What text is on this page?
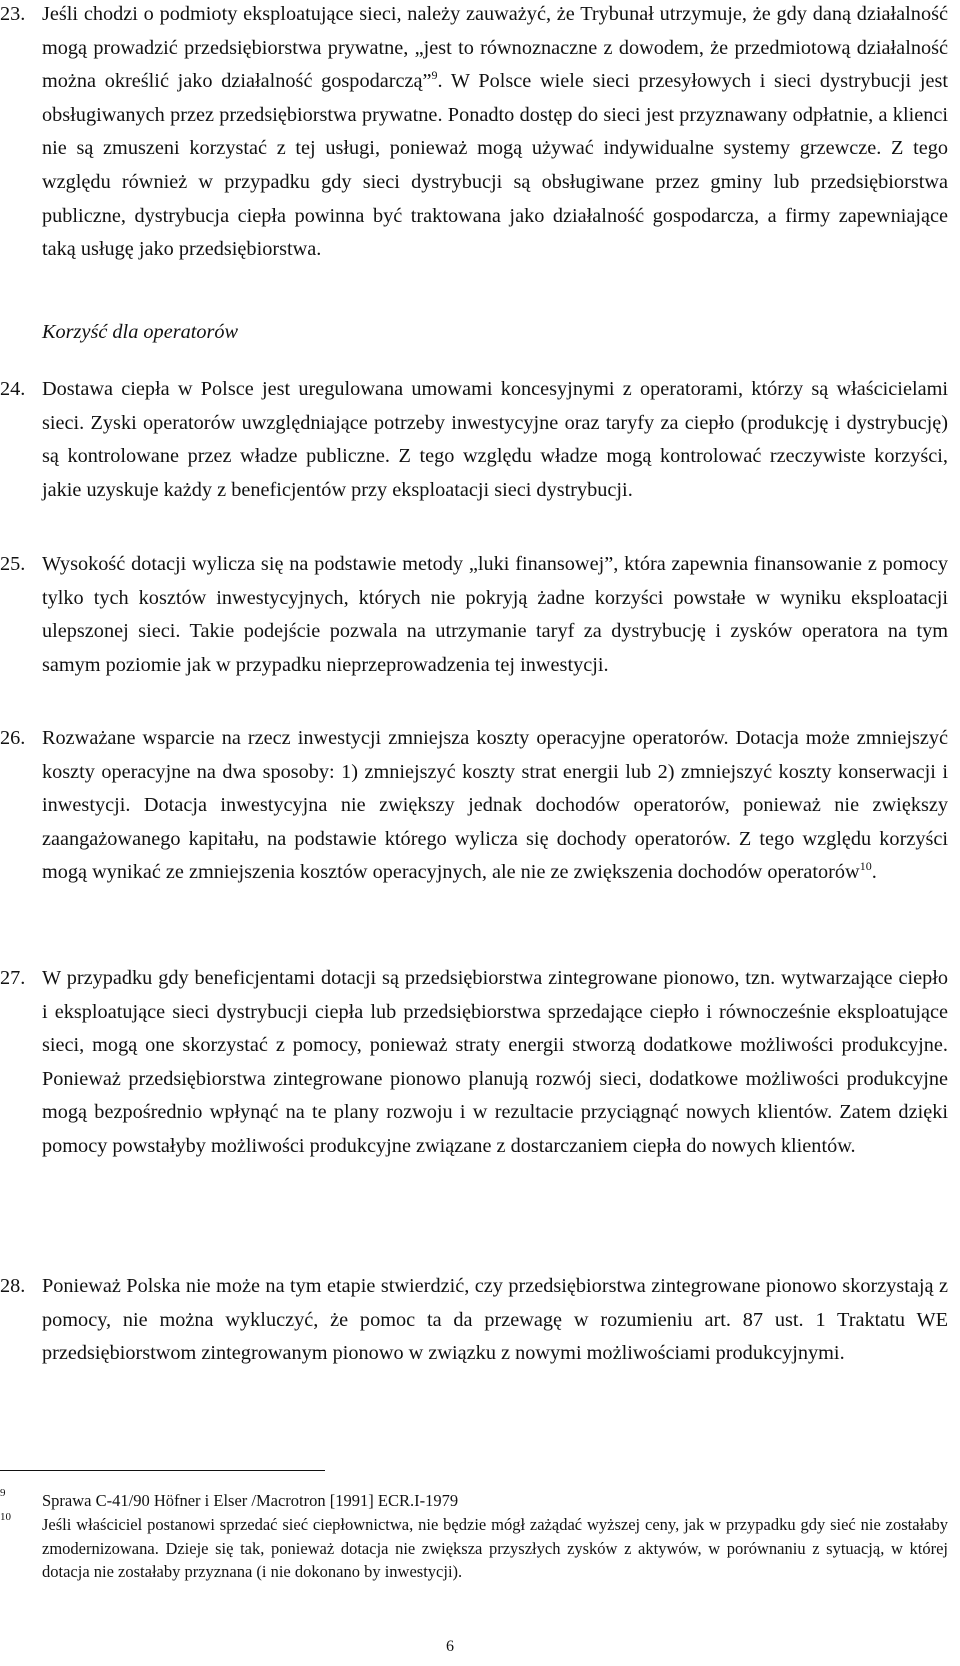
23. Jeśli chodzi o podmioty eksploatujące sieci, należy zauważyć, że Trybunał utrzymuje, że gdy daną działalność mogą prowadzić przedsiębiorstwa prywatne, „jest to równoznaczne z dowodem, że przedmiotową działalność można określić jako działalność gospodarczą”$^9$. W Polsce wiele sieci przesyłowych i sieci dystrybucji jest obsługiwanych przez przedsiębiorstwa prywatne. Ponadto dostęp do sieci jest przyznawany odpłatnie, a klienci nie są zmuszeni korzystać z tej usługi, ponieważ mogą używać indywidualne systemy grzewcze. Z tego względu również w przypadku gdy sieci dystrybucji są obsługiwane przez gminy lub przedsiębiorstwa publiczne, dystrybucja ciepła powinna być traktowana jako działalność gospodarcza, a firmy zapewniające taką usługę jako przedsiębiorstwa.
Korzyść dla operatorów
24. Dostawa ciepła w Polsce jest uregulowana umowami koncesyjnymi z operatorami, którzy są właścicielami sieci. Zyski operatorów uwzględniające potrzeby inwestycyjne oraz taryfy za ciepło (produkcję i dystrybucję) są kontrolowane przez władze publiczne. Z tego względu władze mogą kontrolować rzeczywiste korzyści, jakie uzyskuje każdy z beneficjentów przy eksploatacji sieci dystrybucji.
25. Wysokość dotacji wylicza się na podstawie metody „luki finansowej”, która zapewnia finansowanie z pomocy tylko tych kosztów inwestycyjnych, których nie pokryją żadne korzyści powstałe w wyniku eksploatacji ulepszonej sieci. Takie podejście pozwala na utrzymanie taryf za dystrybucję i zysków operatora na tym samym poziomie jak w przypadku nieprzeprowadzenia tej inwestycji.
26. Rozważane wsparcie na rzecz inwestycji zmniejsza koszty operacyjne operatorów. Dotacja może zmniejszyć koszty operacyjne na dwa sposoby: 1) zmniejszyć koszty strat energii lub 2) zmniejszyć koszty konserwacji i inwestycji. Dotacja inwestycyjna nie zwiększy jednak dochodów operatorów, ponieważ nie zwiększy zaangażowanego kapitału, na podstawie którego wylicza się dochody operatorów. Z tego względu korzyści mogą wynikać ze zmniejszenia kosztów operacyjnych, ale nie ze zwiększenia dochodów operatorów$^{10}$.
27. W przypadku gdy beneficjentami dotacji są przedsiębiorstwa zintegrowane pionowo, tzn. wytwarzające ciepło i eksploatujące sieci dystrybucji ciepła lub przedsiębiorstwa sprzedające ciepło i równocześnie eksploatujące sieci, mogą one skorzystać z pomocy, ponieważ straty energii stworzą dodatkowe możliwości produkcyjne. Ponieważ przedsiębiorstwa zintegrowane pionowo planują rozwój sieci, dodatkowe możliwości produkcyjne mogą bezpośrednio wpłynąć na te plany rozwoju i w rezultacie przyciągnąć nowych klientów. Zatem dzięki pomocy powstałyby możliwości produkcyjne związane z dostarczaniem ciepła do nowych klientów.
28. Ponieważ Polska nie może na tym etapie stwierdzić, czy przedsiębiorstwa zintegrowane pionowo skorzystają z pomocy, nie można wykluczyć, że pomoc ta da przewagę w rozumieniu art. 87 ust. 1 Traktatu WE przedsiębiorstwom zintegrowanym pionowo w związku z nowymi możliwościami produkcyjnymi.
9 Sprawa C-41/90 Höfner i Elser /Macrotron [1991] ECR.I-1979
10 Jeśli właściciel postanowi sprzedać sieć ciepłownictwa, nie będzie mógł zażądać wyższej ceny, jak w przypadku gdy sieć nie zostałaby zmodernizowana. Dzieje się tak, ponieważ dotacja nie zwiększa przyszłych zysków z aktywów, w porównaniu z sytuacją, w której dotacja nie zostałaby przyznana (i nie dokonano by inwestycji).
6
